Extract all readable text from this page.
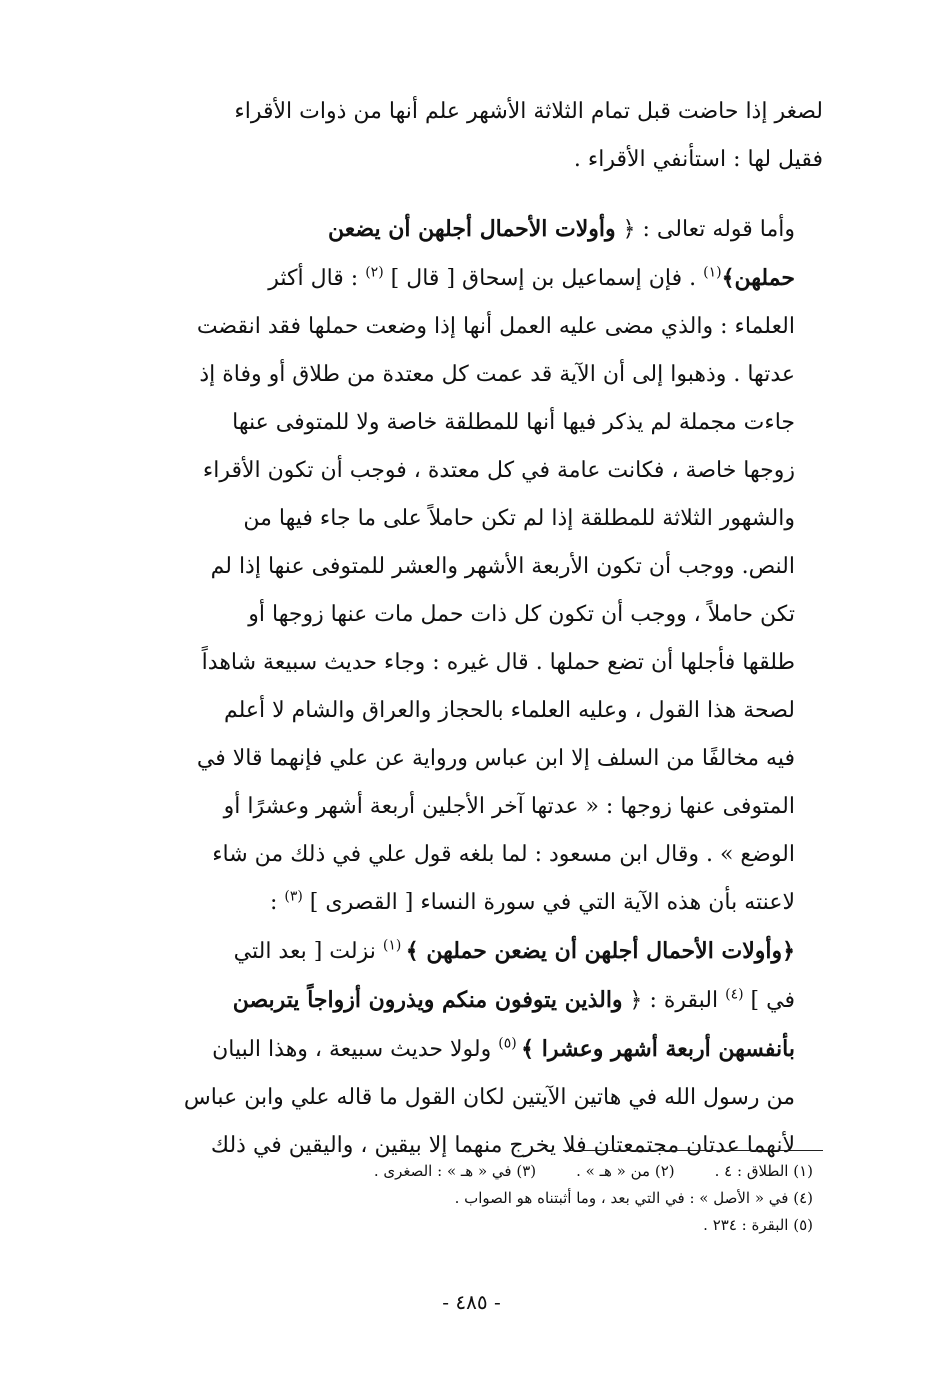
لصغر إذا حاضت قبل تمام الثلاثة الأشهر علم أنها من ذوات الأقراء
فقيل لها : استأنفي الأقراء .
وأما قوله تعالى : ﴿ وأولات الأحمال أجلهن أن يضعن
حملهن﴾$^{(١)}$ . فإن إسماعيل بن إسحاق [ قال ] $^{(٢)}$ : قال أكثر
العلماء : والذي مضى عليه العمل أنها إذا وضعت حملها فقد انقضت
عدتها . وذهبوا إلى أن الآية قد عمت كل معتدة من طلاق أو وفاة إذ
جاءت مجملة لم يذكر فيها أنها للمطلقة خاصة ولا للمتوفى عنها
زوجها خاصة ، فكانت عامة في كل معتدة ، فوجب أن تكون الأقراء
والشهور الثلاثة للمطلقة إذا لم تكن حاملاً على ما جاء فيها من
النص. ووجب أن تكون الأربعة الأشهر والعشر للمتوفى عنها إذا لم
تكن حاملاً ، ووجب أن تكون كل ذات حمل مات عنها زوجها أو
طلقها فأجلها أن تضع حملها . قال غيره : وجاء حديث سبيعة شاهداً
لصحة هذا القول ، وعليه العلماء بالحجاز والعراق والشام لا أعلم
فيه مخالفًا من السلف إلا ابن عباس ورواية عن علي فإنهما قالا في
المتوفى عنها زوجها : « عدتها آخر الأجلين أربعة أشهر وعشرًا أو
الوضع » . وقال ابن مسعود : لما بلغه قول علي في ذلك من شاء
لاعنته بأن هذه الآية التي في سورة النساء [ القصرى ] $^{(٣)}$ :
﴿وأولات الأحمال أجلهن أن يضعن حملهن ﴾ $^{(١)}$ نزلت [ بعد التي
في ] $^{(٤)}$ البقرة : ﴿ والذين يتوفون منكم ويذرون أزواجاً يتربصن
بأنفسهن أربعة أشهر وعشرا ﴾ $^{(٥)}$ ولولا حديث سبيعة ، وهذا البيان
من رسول الله في هاتين الآيتين لكان القول ما قاله علي وابن عباس
لأنهما عدتان مجتمعتان فلا يخرج منهما إلا بيقين ، واليقين في ذلك
(١) الطلاق : ٤ .(٢) من « هـ » .(٣) في « هـ » : الصغرى .
(٤) في « الأصل » : في التي بعد ، وما أثبتناه هو الصواب .
(٥) البقرة : ٢٣٤ .
- ٤٨٥ -
